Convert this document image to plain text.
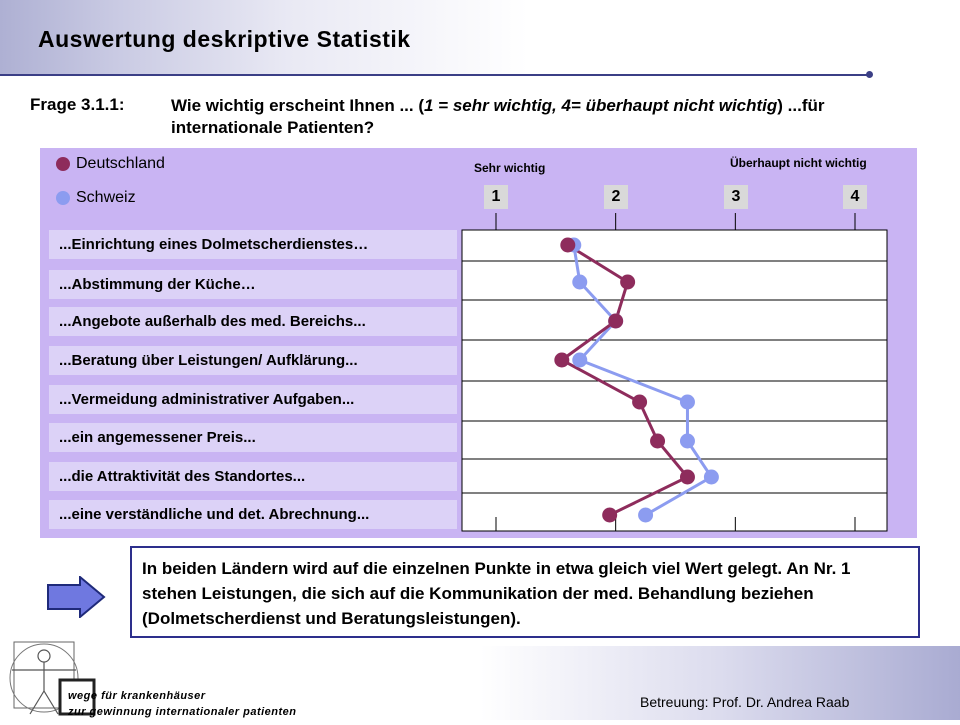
Auswertung deskriptive Statistik
Frage 3.1.1:	Wie wichtig erscheint Ihnen ... (1 = sehr wichtig, 4= überhaupt nicht wichtig) ...für internationale Patienten?
Deutschland
Schweiz
Sehr wichtig	Überhaupt nicht wichtig
1	2	3	4
...Einrichtung eines Dolmetscherdienstes…
...Abstimmung der Küche…
...Angebote außerhalb des med. Bereichs...
...Beratung über Leistungen/ Aufklärung...
...Vermeidung administrativer Aufgaben...
...ein angemessener Preis...
...die Attraktivität des Standortes...
...eine verständliche und det. Abrechnung...
In beiden Ländern wird auf die einzelnen Punkte in etwa gleich viel Wert gelegt. An Nr. 1 stehen Leistungen, die sich auf die Kommunikation der med. Behandlung beziehen (Dolmetscherdienst und Beratungsleistungen).
Betreuung: Prof. Dr. Andrea Raab
wege für krankenhäuser
zur gewinnung internationaler patienten
